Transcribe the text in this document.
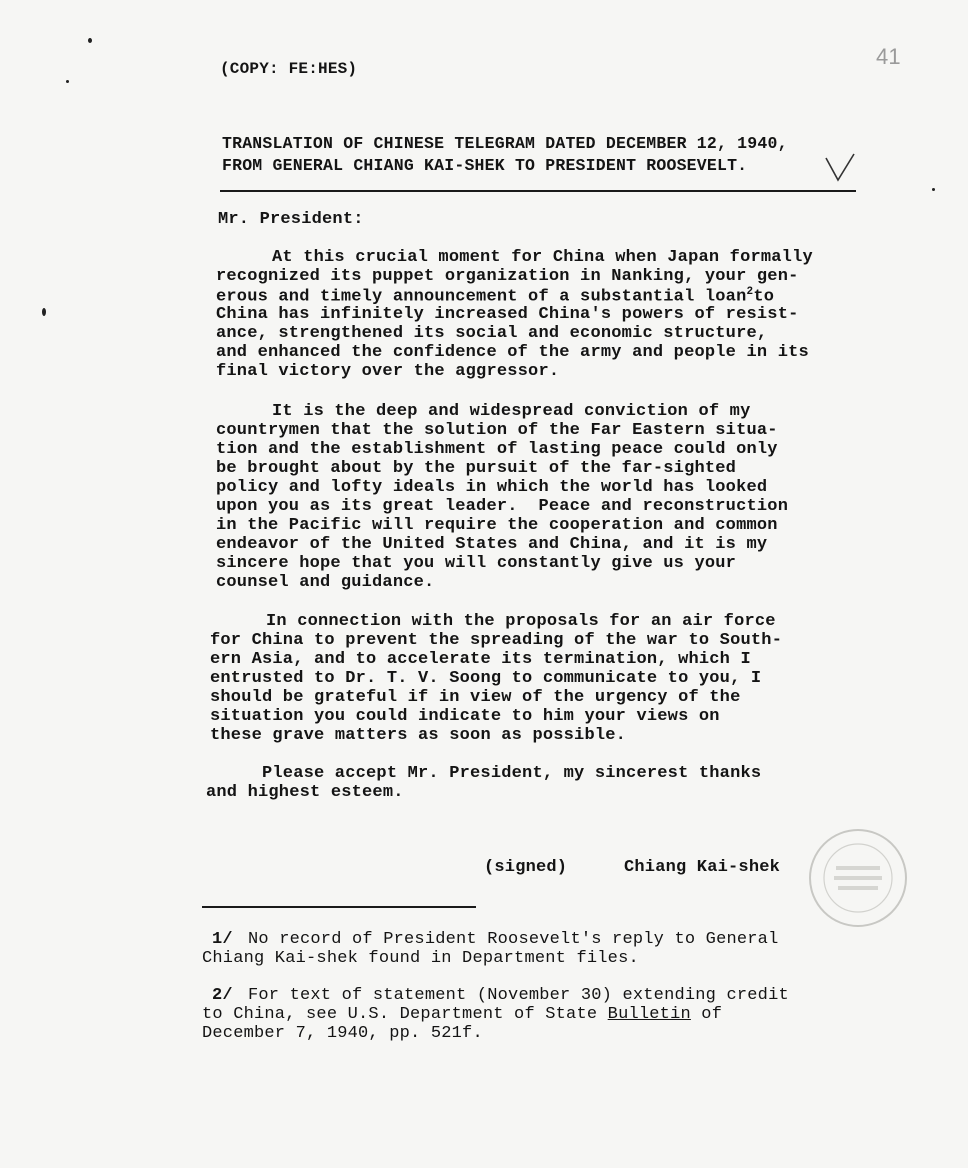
(COPY: FE:HES)	41
TRANSLATION OF CHINESE TELEGRAM DATED DECEMBER 12, 1940,
FROM GENERAL CHIANG KAI-SHEK TO PRESIDENT ROOSEVELT.
Mr. President:
At this crucial moment for China when Japan formally
recognized its puppet organization in Nanking, your gen-
erous and timely announcement of a substantial loan$^2$to
China has infinitely increased China's powers of resist-
ance, strengthened its social and economic structure,
and enhanced the confidence of the army and people in its
final victory over the aggressor.
It is the deep and widespread conviction of my
countrymen that the solution of the Far Eastern situa-
tion and the establishment of lasting peace could only
be brought about by the pursuit of the far-sighted
policy and lofty ideals in which the world has looked
upon you as its great leader.  Peace and reconstruction
in the Pacific will require the cooperation and common
endeavor of the United States and China, and it is my
sincere hope that you will constantly give us your
counsel and guidance.
In connection with the proposals for an air force
for China to prevent the spreading of the war to South-
ern Asia, and to accelerate its termination, which I
entrusted to Dr. T. V. Soong to communicate to you, I
should be grateful if in view of the urgency of the
situation you could indicate to him your views on
these grave matters as soon as possible.
Please accept Mr. President, my sincerest thanks
and highest esteem.
(signed)	Chiang Kai-shek
1/ No record of President Roosevelt's reply to General
Chiang Kai-shek found in Department files.
2/ For text of statement (November 30) extending credit
to China, see U.S. Department of State Bulletin of
December 7, 1940, pp. 521f.
